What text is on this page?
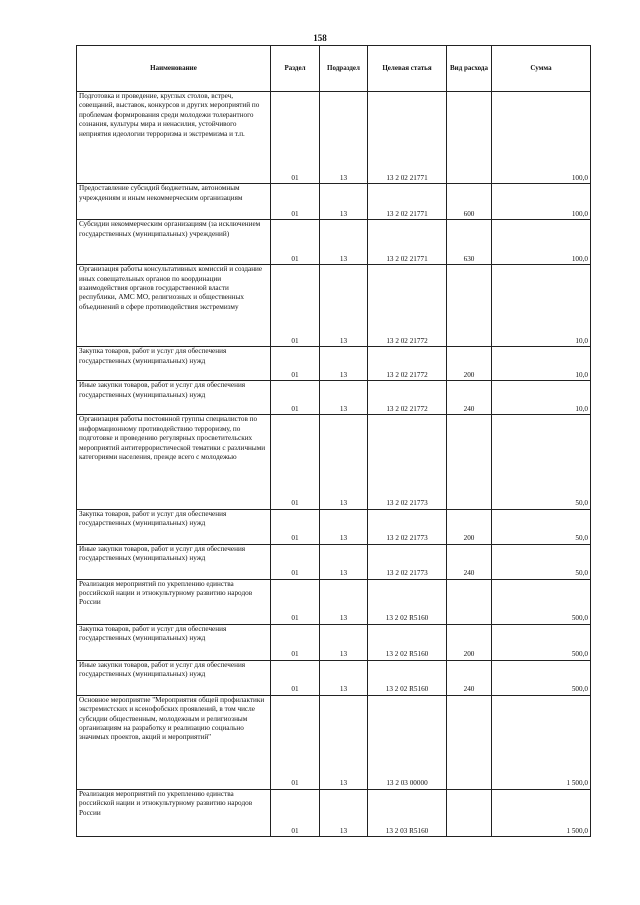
158
Наименование	Раздел	Подраздел	Целевая статья	Вид расхода	Сумма
Подготовка и проведение, круглых столов, встреч, совещаний, выставок, конкурсов и других мероприятий по проблемам формирования среди молодежи толерантного сознания, культуры мира и ненасилия, устойчивого неприятия идеологии терроризма и экстремизма и т.п.	01	13	13 2 02 21771		100,0
Предоставление субсидий бюджетным, автономным учреждениям и иным некоммерческим организациям	01	13	13 2 02 21771	600	100,0
Субсидии некоммерческим организациям (за исключением государственных (муниципальных) учреждений)	01	13	13 2 02 21771	630	100,0
Организация работы консультативных комиссий и создание иных совещательных органов по координации взаимодействия органов государственной власти республики, АМС МО, религиозных и общественных объединений в сфере противодействия экстремизму	01	13	13 2 02 21772		10,0
Закупка товаров, работ и услуг для обеспечения государственных (муниципальных) нужд	01	13	13 2 02 21772	200	10,0
Иные закупки товаров, работ и услуг для обеспечения государственных (муниципальных) нужд	01	13	13 2 02 21772	240	10,0
Организация работы постоянной группы специалистов по информационному противодействию терроризму, по подготовке и проведению регулярных просветительских мероприятий антитеррористической тематики с различными категориями населения, прежде всего с молодежью	01	13	13 2 02 21773		50,0
Закупка товаров, работ и услуг для обеспечения государственных (муниципальных) нужд	01	13	13 2 02 21773	200	50,0
Иные закупки товаров, работ и услуг для обеспечения государственных (муниципальных) нужд	01	13	13 2 02 21773	240	50,0
Реализация мероприятий по укреплению единства российской нации и этнокультурному развитию народов России	01	13	13 2 02 R5160		500,0
Закупка товаров, работ и услуг для обеспечения государственных (муниципальных) нужд	01	13	13 2 02 R5160	200	500,0
Иные закупки товаров, работ и услуг для обеспечения государственных (муниципальных) нужд	01	13	13 2 02 R5160	240	500,0
Основное мероприятие "Мероприятия общей профилактики экстремистских и ксенофобских проявлений, в том числе субсидии общественным, молодежным и религиозным организациям на разработку и реализацию социально значимых проектов, акций и мероприятий"	01	13	13 2 03 00000		1 500,0
Реализация мероприятий по укреплению единства российской нации и этнокультурному развитию народов России	01	13	13 2 03 R5160		1 500,0
